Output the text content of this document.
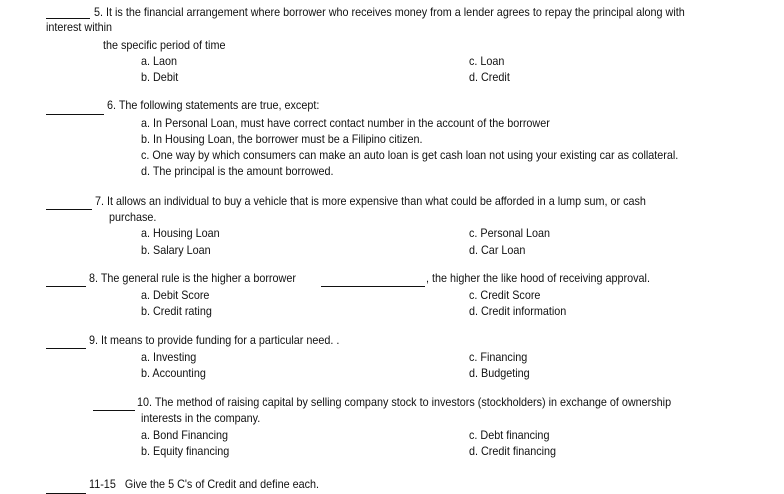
5. It is the financial arrangement where borrower who receives money from a lender agrees to repay the principal along with
interest within
the specific period of time
a. Laon
b. Debit
c. Loan
d. Credit
6. The following statements are true, except:
a. In Personal Loan, must have correct contact number in the account of the borrower
b. In Housing Loan, the borrower must be a Filipino citizen.
c. One way by which consumers can make an auto loan is get cash loan not using your existing car as collateral.
d. The principal is the amount borrowed.
7. It allows an individual to buy a vehicle that is more expensive than what could be afforded in a lump sum, or cash
purchase.
a. Housing Loan
b. Salary Loan
c. Personal Loan
d. Car Loan
8. The general rule is the higher a borrower	, the higher the like hood of receiving approval.
a. Debit Score
b. Credit rating
c. Credit Score
d. Credit information
9. It means to provide funding for a particular need. .
a. Investing
b. Accounting
c. Financing
d. Budgeting
10. The method of raising capital by selling company stock to investors (stockholders) in exchange of ownership
interests in the company.
a. Bond Financing
b. Equity financing
c. Debt financing
d. Credit financing
11-15 Give the 5 C's of Credit and define each.
